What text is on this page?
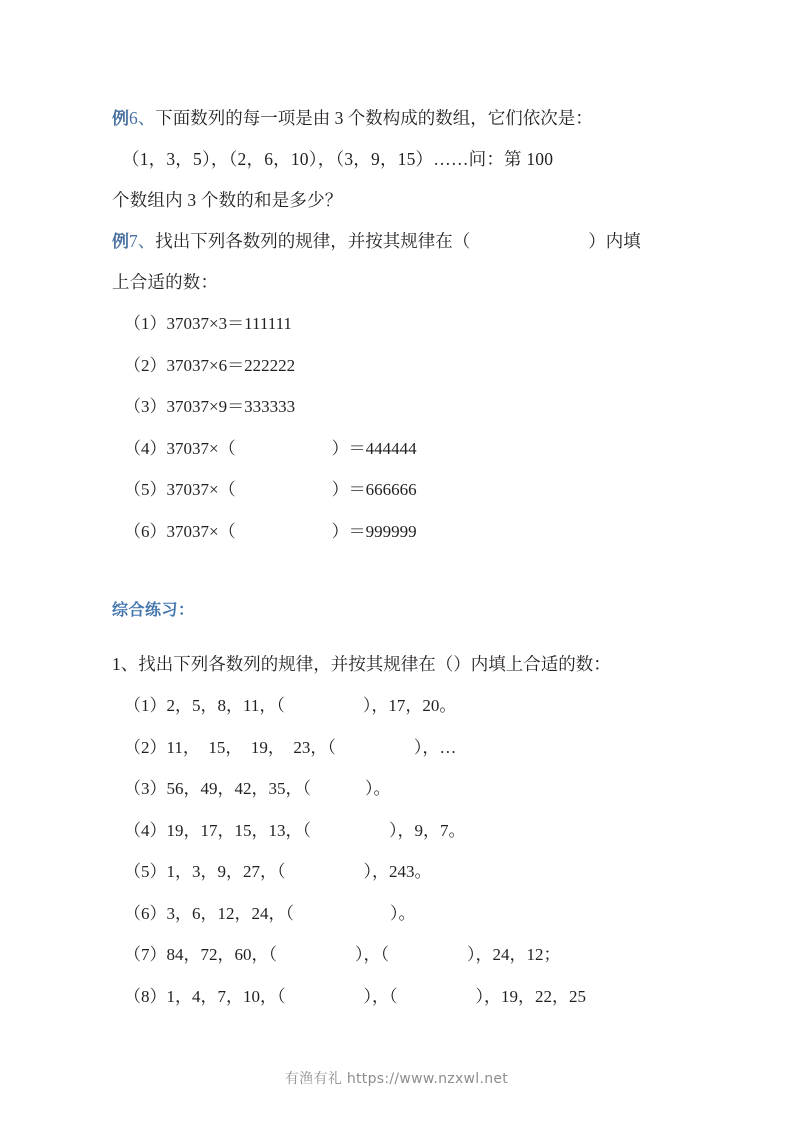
例6、下面数列的每一项是由 3 个数构成的数组，它们依次是：
（1，3，5），（2，6，10），（3，9，15）……问：第 100
个数组内 3 个数的和是多少？
例7、找出下列各数列的规律，并按其规律在（	）内填
上合适的数：
（1）37037×3＝111111
（2）37037×6＝222222
（3）37037×9＝333333
（4）37037×（	）＝444444
（5）37037×（	）＝666666
（6）37037×（	）＝999999
综合练习：
1、找出下列各数列的规律，并按其规律在（）内填上合适的数：
（1）2，5，8，11，（	），17，20。
（2）11，  15，  19，  23，（	），…
（3）56，49，42，35，（	）。
（4）19，17，15，13，（	），9，7。
（5）1，3，9，27，（	），243。
（6）3，6，12，24，（	）。
（7）84，72，60，（	），（	），24，12；
（8）1，4，7，10，（	），（	），19，22，25
有渔有礼 https://www.nzxwl.net
